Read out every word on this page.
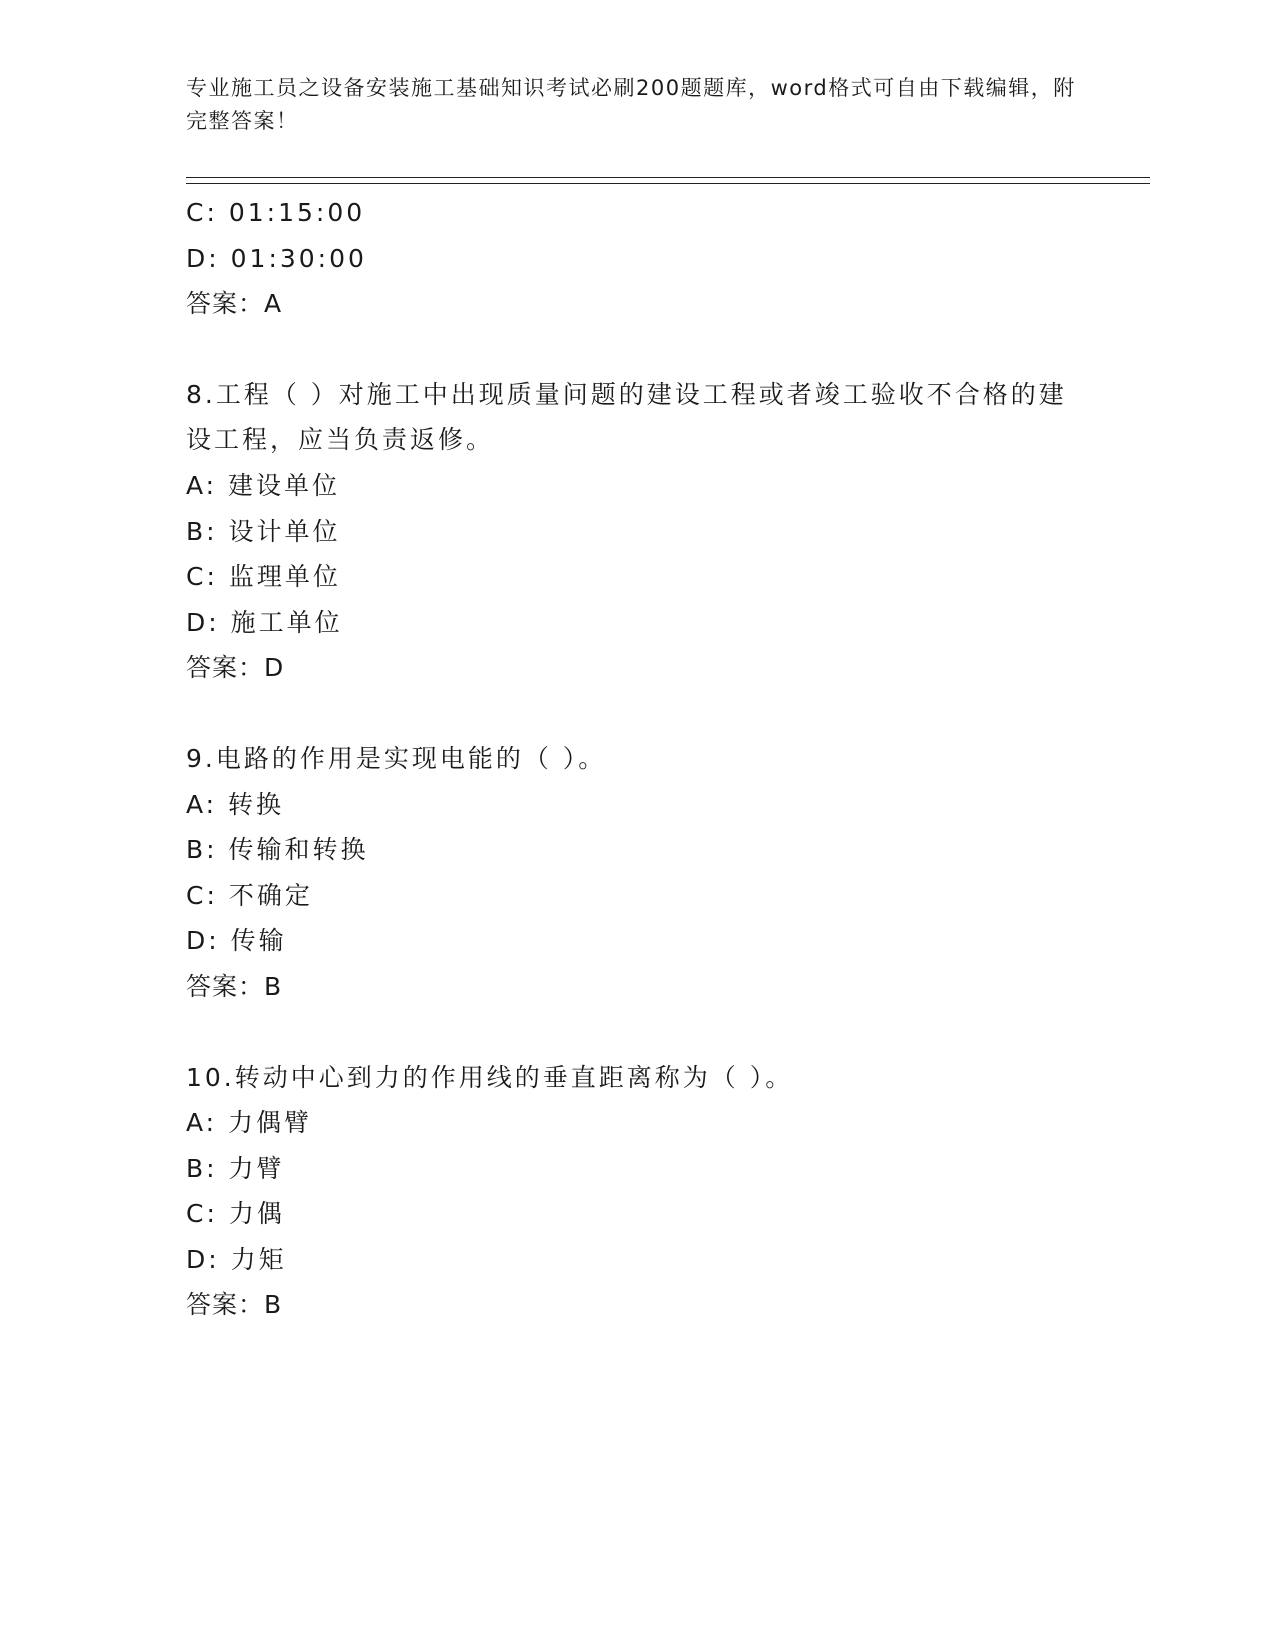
专业施工员之设备安装施工基础知识考试必刷200题题库，word格式可自由下载编辑，附完整答案！

C: 01:15:00
D: 01:30:00
答案：A
8.工程（ ）对施工中出现质量问题的建设工程或者竣工验收不合格的建设工程，应当负责返修。
A: 建设单位
B: 设计单位
C: 监理单位
D: 施工单位
答案：D
9.电路的作用是实现电能的（ ）。
A: 转换
B: 传输和转换
C: 不确定
D: 传输
答案：B
10.转动中心到力的作用线的垂直距离称为（ ）。
A: 力偶臂
B: 力臂
C: 力偶
D: 力矩
答案：B
